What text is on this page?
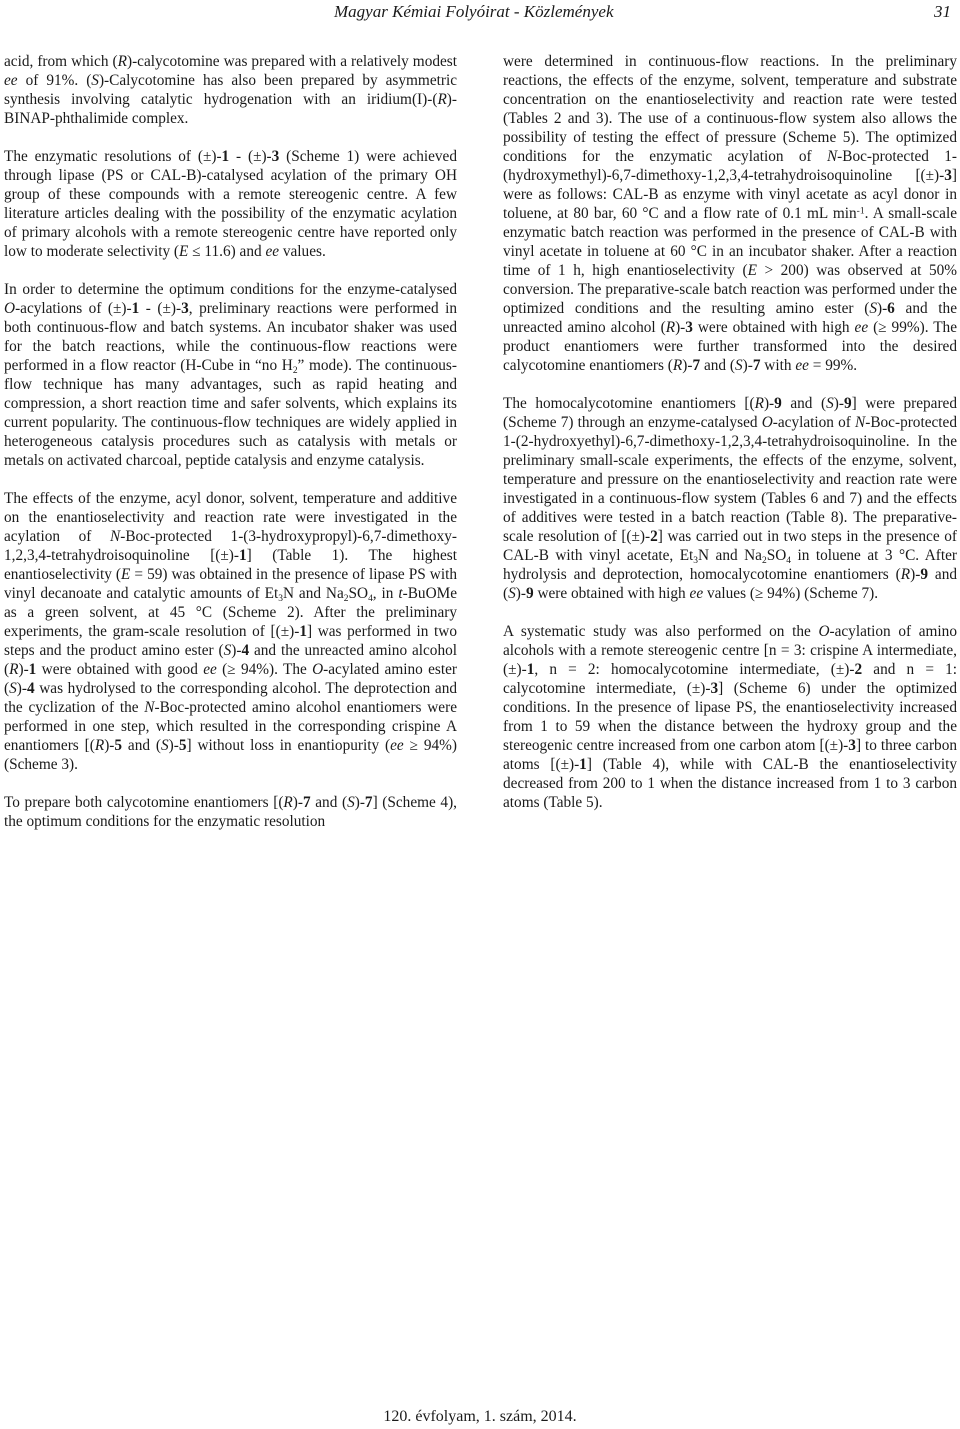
Magyar Kémiai Folyóirat - Közlemények	31

acid, from which (R)-calycotomine was prepared with a relatively modest ee of 91%. (S)-Calycotomine has also been prepared by asymmetric synthesis involving catalytic hydrogenation with an iridium(I)-(R)-BINAP-phthalimide complex.

The enzymatic resolutions of (±)-1 - (±)-3 (Scheme 1) were achieved through lipase (PS or CAL-B)-catalysed acylation of the primary OH group of these compounds with a remote stereogenic centre. A few literature articles dealing with the possibility of the enzymatic acylation of primary alcohols with a remote stereogenic centre have reported only low to moderate selectivity (E ≤ 11.6) and ee values.

In order to determine the optimum conditions for the enzyme-catalysed O-acylations of (±)-1 - (±)-3, preliminary reactions were performed in both continuous-flow and batch systems. An incubator shaker was used for the batch reactions, while the continuous-flow reactions were performed in a flow reactor (H-Cube in “no $H_2$” mode). The continuous-flow technique has many advantages, such as rapid heating and compression, a short reaction time and safer solvents, which explains its current popularity. The continuous-flow techniques are widely applied in heterogeneous catalysis procedures such as catalysis with metals or metals on activated charcoal, peptide catalysis and enzyme catalysis.

The effects of the enzyme, acyl donor, solvent, temperature and additive on the enantioselectivity and reaction rate were investigated in the acylation of N-Boc-protected 1-(3-hydroxypropyl)-6,7-dimethoxy-1,2,3,4-tetrahydroisoquinoline [(±)-1] (Table 1). The highest enantioselectivity (E = 59) was obtained in the presence of lipase PS with vinyl decanoate and catalytic amounts of $Et_3N$ and $Na_2SO_4$, in t-BuOMe as a green solvent, at 45 °C (Scheme 2). After the preliminary experiments, the gram-scale resolution of [(±)-1] was performed in two steps and the product amino ester (S)-4 and the unreacted amino alcohol (R)-1 were obtained with good ee (≥ 94%). The O-acylated amino ester (S)-4 was hydrolysed to the corresponding alcohol. The deprotection and the cyclization of the N-Boc-protected amino alcohol enantiomers were performed in one step, which resulted in the corresponding crispine A enantiomers [(R)-5 and (S)-5] without loss in enantiopurity (ee ≥ 94%) (Scheme 3).

To prepare both calycotomine enantiomers [(R)-7 and (S)-7] (Scheme 4), the optimum conditions for the enzymatic resolution

were determined in continuous-flow reactions. In the preliminary reactions, the effects of the enzyme, solvent, temperature and substrate concentration on the enantioselectivity and reaction rate were tested (Tables 2 and 3). The use of a continuous-flow system also allows the possibility of testing the effect of pressure (Scheme 5). The optimized conditions for the enzymatic acylation of N-Boc-protected 1-(hydroxymethyl)-6,7-dimethoxy-1,2,3,4-tetrahydroisoquinoline [(±)-3] were as follows: CAL-B as enzyme with vinyl acetate as acyl donor in toluene, at 80 bar, 60 °C and a flow rate of 0.1 mL $\min^{-1}$. A small-scale enzymatic batch reaction was performed in the presence of CAL-B with vinyl acetate in toluene at 60 °C in an incubator shaker. After a reaction time of 1 h, high enantioselectivity (E > 200) was observed at 50% conversion. The preparative-scale batch reaction was performed under the optimized conditions and the resulting amino ester (S)-6 and the unreacted amino alcohol (R)-3 were obtained with high ee (≥ 99%). The product enantiomers were further transformed into the desired calycotomine enantiomers (R)-7 and (S)-7 with ee = 99%.

The homocalycotomine enantiomers [(R)-9 and (S)-9] were prepared (Scheme 7) through an enzyme-catalysed O-acylation of N-Boc-protected 1-(2-hydroxyethyl)-6,7-dimethoxy-1,2,3,4-tetrahydroisoquinoline. In the preliminary small-scale experiments, the effects of the enzyme, solvent, temperature and pressure on the enantioselectivity and reaction rate were investigated in a continuous-flow system (Tables 6 and 7) and the effects of additives were tested in a batch reaction (Table 8). The preparative-scale resolution of [(±)-2] was carried out in two steps in the presence of CAL-B with vinyl acetate, $Et_3N$ and $Na_2SO_4$ in toluene at 3 °C. After hydrolysis and deprotection, homocalycotomine enantiomers (R)-9 and (S)-9 were obtained with high ee values (≥ 94%) (Scheme 7).

A systematic study was also performed on the O-acylation of amino alcohols with a remote stereogenic centre [n = 3: crispine A intermediate, (±)-1, n = 2: homocalycotomine intermediate, (±)-2 and n = 1: calycotomine intermediate, (±)-3] (Scheme 6) under the optimized conditions. In the presence of lipase PS, the enantioselectivity increased from 1 to 59 when the distance between the hydroxy group and the stereogenic centre increased from one carbon atom [(±)-3] to three carbon atoms [(±)-1] (Table 4), while with CAL-B the enantioselectivity decreased from 200 to 1 when the distance increased from 1 to 3 carbon atoms (Table 5).

120. évfolyam, 1. szám, 2014.
